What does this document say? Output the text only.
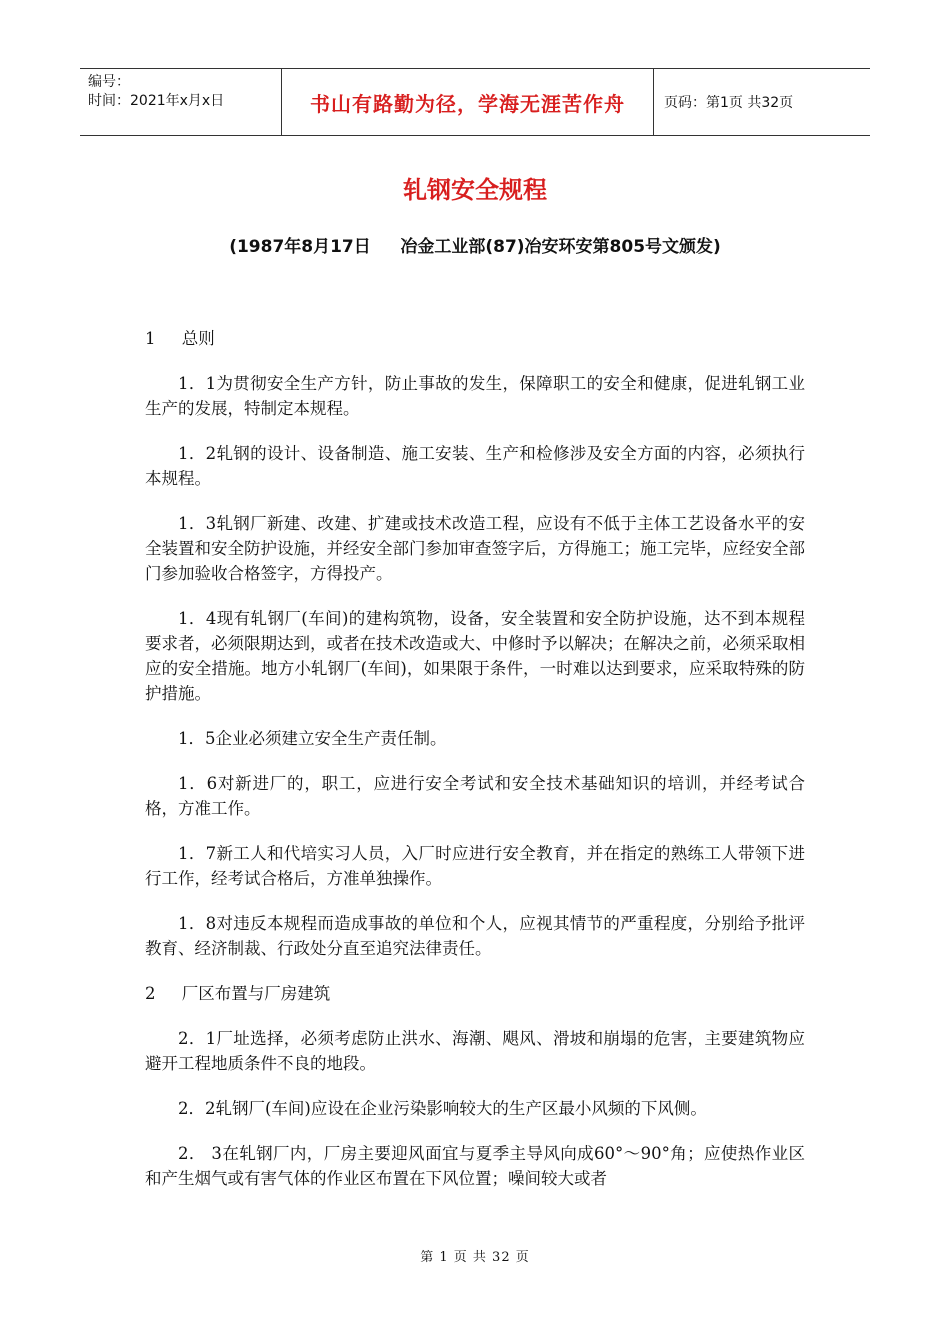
编号：
时间：2021年x月x日	书山有路勤为径，学海无涯苦作舟	页码：第1页 共32页
轧钢安全规程
(1987年8月17日     冶金工业部(87)冶安环安第805号文颁发)
1     总则

1．1为贯彻安全生产方针，防止事故的发生，保障职工的安全和健康，促进轧钢工业生产的发展，特制定本规程。

1．2轧钢的设计、设备制造、施工安装、生产和检修涉及安全方面的内容，必须执行本规程。

1．3轧钢厂新建、改建、扩建或技术改造工程，应设有不低于主体工艺设备水平的安全装置和安全防护设施，并经安全部门参加审查签字后，方得施工；施工完毕，应经安全部门参加验收合格签字，方得投产。

1．4现有轧钢厂(车间)的建构筑物，设备，安全装置和安全防护设施，达不到本规程要求者，必须限期达到，或者在技术改造或大、中修时予以解决；在解决之前，必须采取相应的安全措施。地方小轧钢厂(车间)，如果限于条件，一时难以达到要求，应采取特殊的防护措施。

1．5企业必须建立安全生产责任制。

1．6对新进厂的，职工，应进行安全考试和安全技术基础知识的培训，并经考试合格，方准工作。

1．7新工人和代培实习人员，入厂时应进行安全教育，并在指定的熟练工人带领下进行工作，经考试合格后，方准单独操作。

1．8对违反本规程而造成事故的单位和个人，应视其情节的严重程度，分别给予批评教育、经济制裁、行政处分直至追究法律责任。

2     厂区布置与厂房建筑

2．1厂址选择，必须考虑防止洪水、海潮、飓风、滑坡和崩塌的危害，主要建筑物应避开工程地质条件不良的地段。

2．2轧钢厂(车间)应设在企业污染影响较大的生产区最小风频的下风侧。

2． 3在轧钢厂内，厂房主要迎风面宜与夏季主导风向成60°～90°角；应使热作业区和产生烟气或有害气体的作业区布置在下风位置；噪间较大或者

第 1 页 共 32 页
